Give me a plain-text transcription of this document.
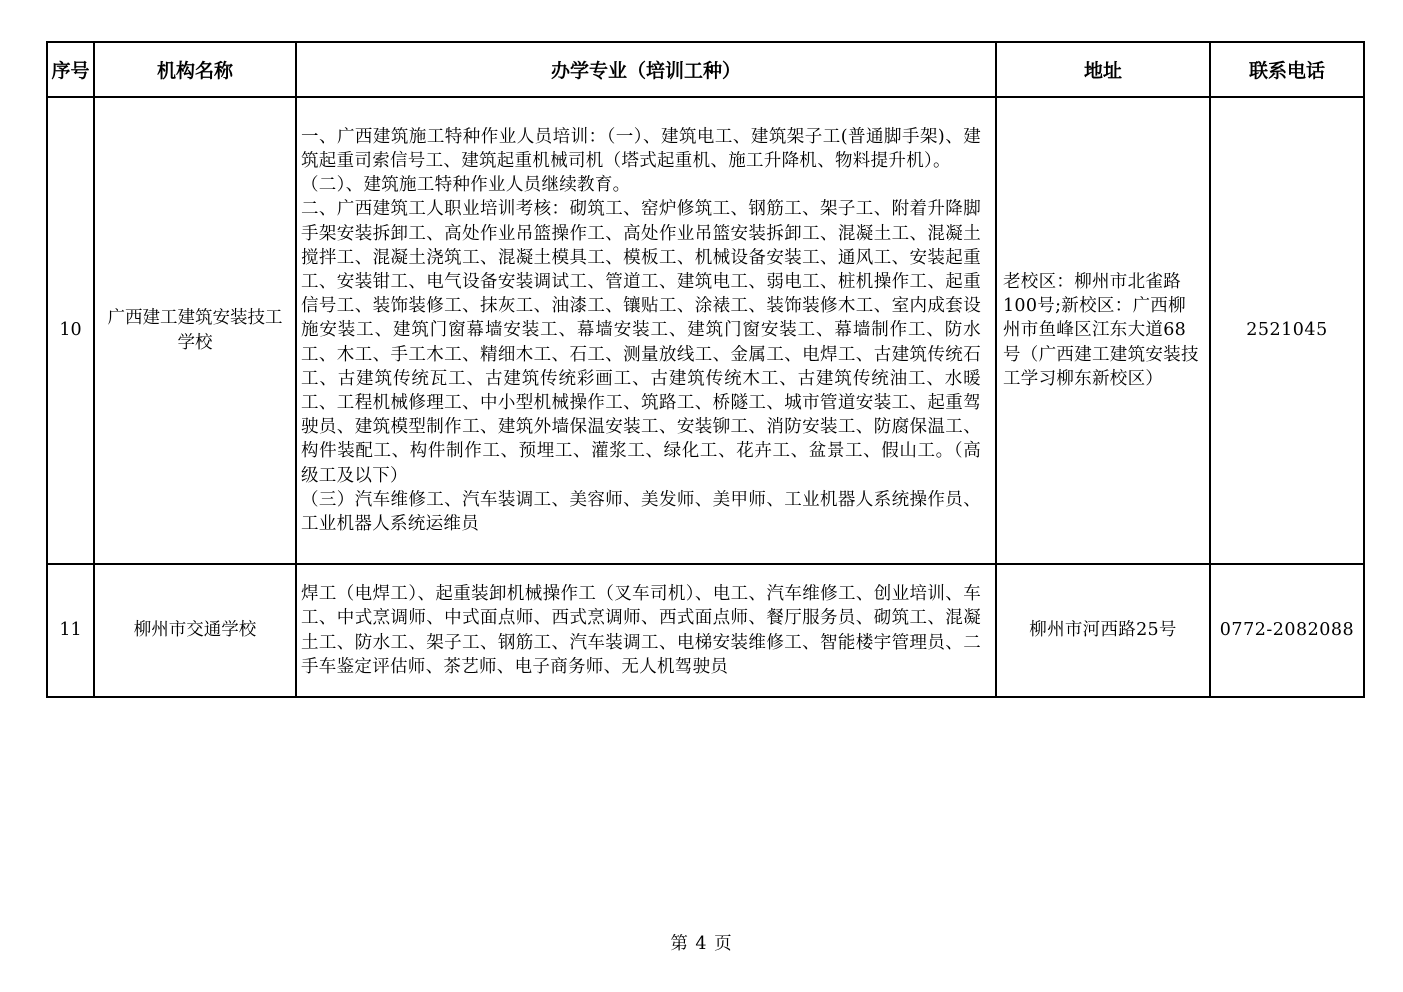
序号	机构名称	办学专业（培训工种）	地址	联系电话
10	广西建工建筑安装技工学校	一、广西建筑施工特种作业人员培训：（一）、建筑电工、建筑架子工(普通脚手架)、建筑起重司索信号工、建筑起重机械司机（塔式起重机、施工升降机、物料提升机）。
（二）、建筑施工特种作业人员继续教育。
二、广西建筑工人职业培训考核：砌筑工、窑炉修筑工、钢筋工、架子工、附着升降脚手架安装拆卸工、高处作业吊篮操作工、高处作业吊篮安装拆卸工、混凝土工、混凝土搅拌工、混凝土浇筑工、混凝土模具工、模板工、机械设备安装工、通风工、安装起重工、安装钳工、电气设备安装调试工、管道工、建筑电工、弱电工、桩机操作工、起重信号工、装饰装修工、抹灰工、油漆工、镶贴工、涂裱工、装饰装修木工、室内成套设施安装工、建筑门窗幕墙安装工、幕墙安装工、建筑门窗安装工、幕墙制作工、防水工、木工、手工木工、精细木工、石工、测量放线工、金属工、电焊工、古建筑传统石工、古建筑传统瓦工、古建筑传统彩画工、古建筑传统木工、古建筑传统油工、水暖工、工程机械修理工、中小型机械操作工、筑路工、桥隧工、城市管道安装工、起重驾驶员、建筑模型制作工、建筑外墙保温安装工、安装铆工、消防安装工、防腐保温工、构件装配工、构件制作工、预埋工、灌浆工、绿化工、花卉工、盆景工、假山工。（高级工及以下）
（三）汽车维修工、汽车装调工、美容师、美发师、美甲师、工业机器人系统操作员、工业机器人系统运维员	老校区：柳州市北雀路100号;新校区：广西柳州市鱼峰区江东大道68号（广西建工建筑安装技工学习柳东新校区）	2521045
11	柳州市交通学校	焊工（电焊工）、起重装卸机械操作工（叉车司机）、电工、汽车维修工、创业培训、车工、中式烹调师、中式面点师、西式烹调师、西式面点师、餐厅服务员、砌筑工、混凝土工、防水工、架子工、钢筋工、汽车装调工、电梯安装维修工、智能楼宇管理员、二手车鉴定评估师、茶艺师、电子商务师、无人机驾驶员	柳州市河西路25号	0772-2082088
第 4 页
